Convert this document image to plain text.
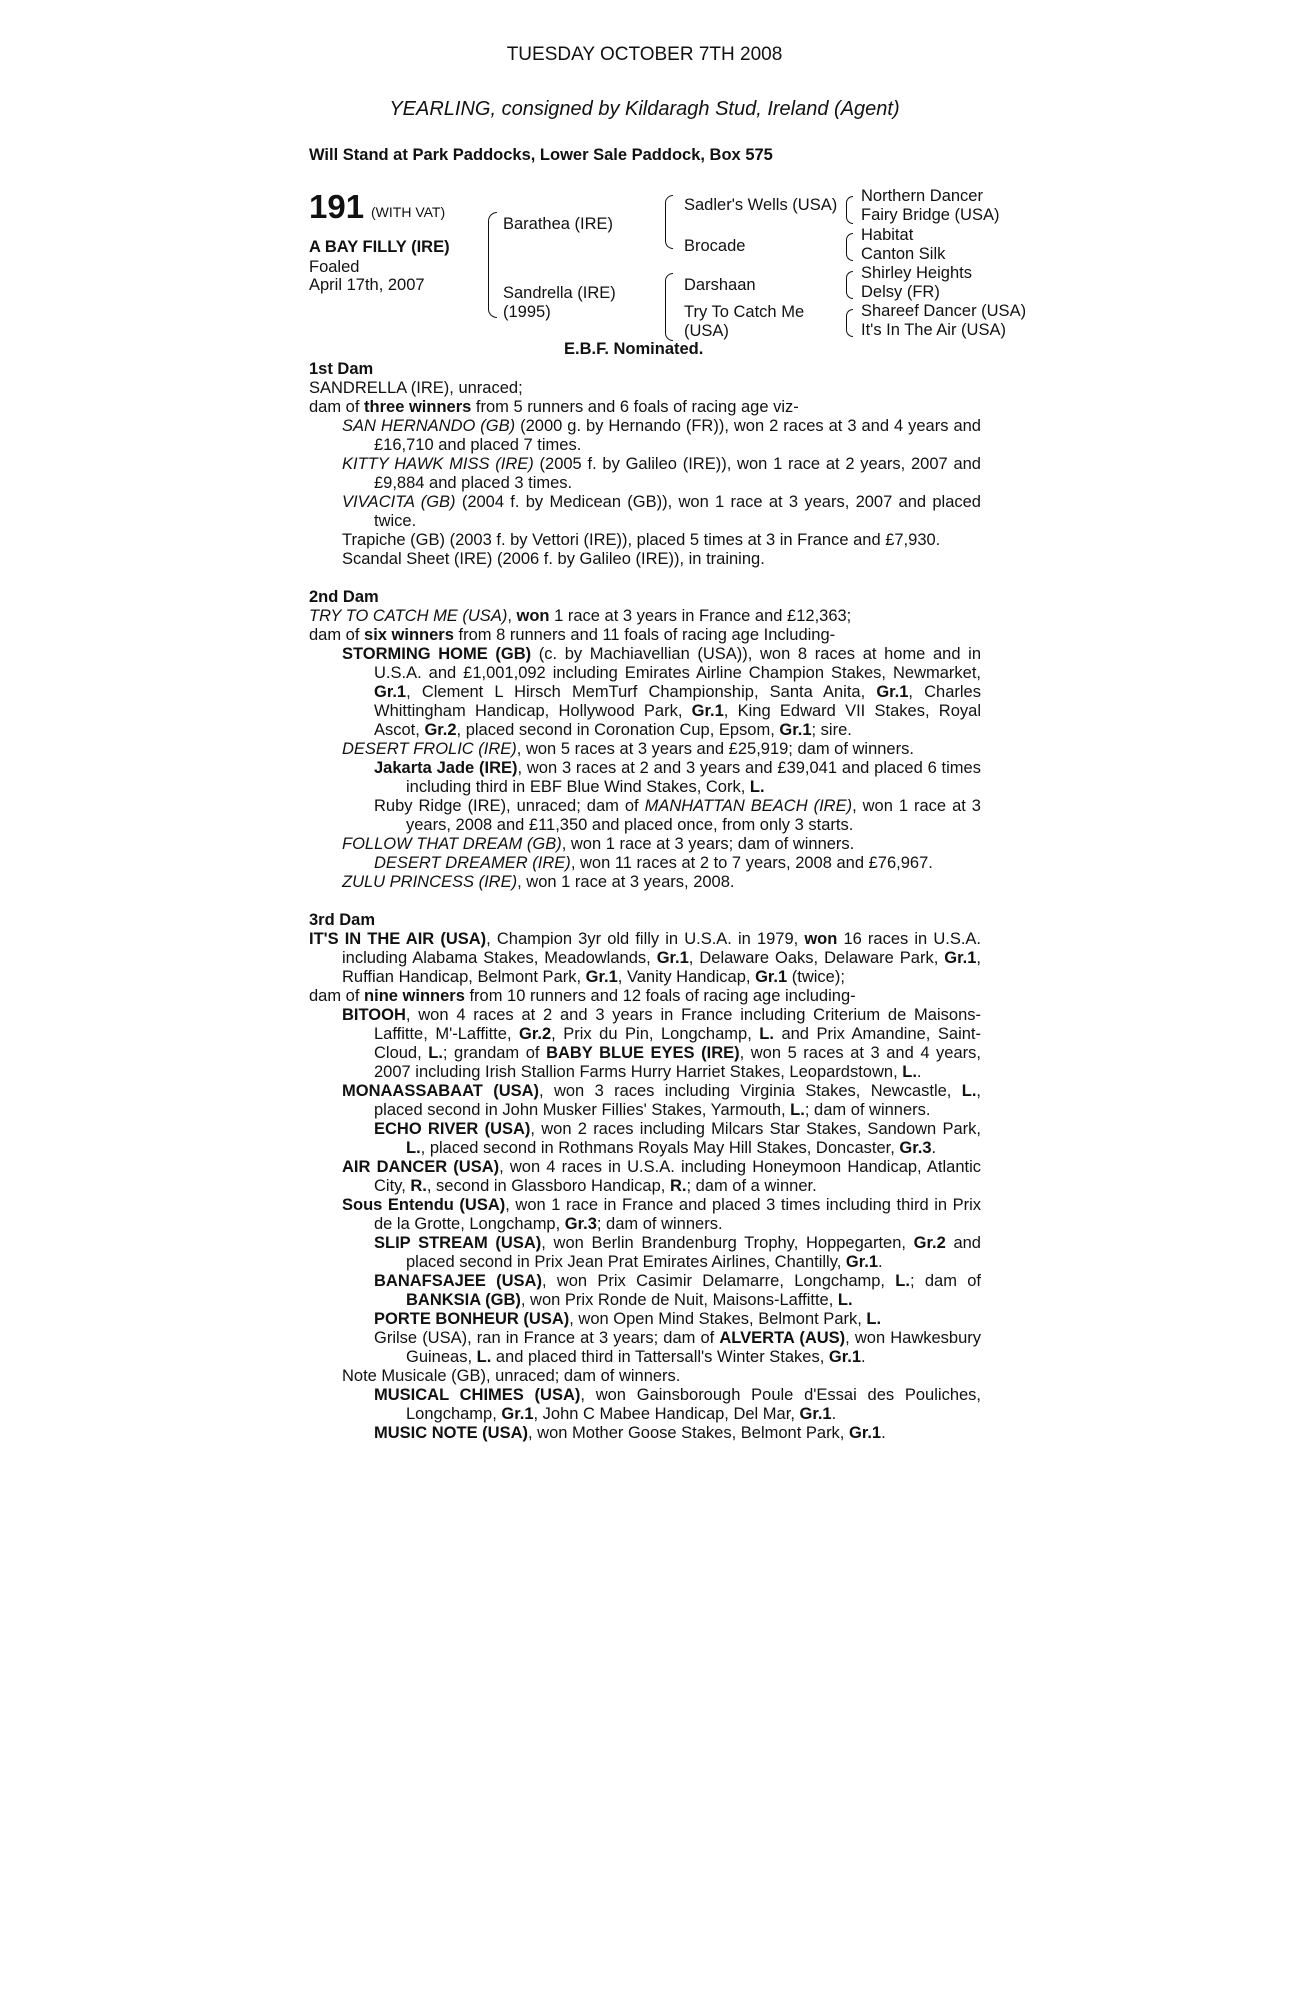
TUESDAY OCTOBER 7TH 2008
YEARLING, consigned by Kildaragh Stud, Ireland (Agent)
Will Stand at Park Paddocks, Lower Sale Paddock, Box 575
191 (WITH VAT)
A BAY FILLY (IRE)
Foaled
April 17th, 2007
Barathea (IRE)
Sandrella (IRE)
(1995)
Sadler's Wells (USA)
Brocade
Darshaan
Try To Catch Me
(USA)
Northern Dancer
Fairy Bridge (USA)
Habitat
Canton Silk
Shirley Heights
Delsy (FR)
Shareef Dancer (USA)
It's In The Air (USA)
E.B.F. Nominated.
1st Dam
SANDRELLA (IRE), unraced;
dam of three winners from 5 runners and 6 foals of racing age viz-
SAN HERNANDO (GB) (2000 g. by Hernando (FR)), won 2 races at 3 and 4 years and £16,710 and placed 7 times.
KITTY HAWK MISS (IRE) (2005 f. by Galileo (IRE)), won 1 race at 2 years, 2007 and £9,884 and placed 3 times.
VIVACITA (GB) (2004 f. by Medicean (GB)), won 1 race at 3 years, 2007 and placed twice.
Trapiche (GB) (2003 f. by Vettori (IRE)), placed 5 times at 3 in France and £7,930.
Scandal Sheet (IRE) (2006 f. by Galileo (IRE)), in training.
2nd Dam
TRY TO CATCH ME (USA), won 1 race at 3 years in France and £12,363;
dam of six winners from 8 runners and 11 foals of racing age Including-
STORMING HOME (GB) (c. by Machiavellian (USA)), won 8 races at home and in U.S.A. and £1,001,092 including Emirates Airline Champion Stakes, Newmarket, Gr.1, Clement L Hirsch MemTurf Championship, Santa Anita, Gr.1, Charles Whittingham Handicap, Hollywood Park, Gr.1, King Edward VII Stakes, Royal Ascot, Gr.2, placed second in Coronation Cup, Epsom, Gr.1; sire.
DESERT FROLIC (IRE), won 5 races at 3 years and £25,919; dam of winners.
Jakarta Jade (IRE), won 3 races at 2 and 3 years and £39,041 and placed 6 times including third in EBF Blue Wind Stakes, Cork, L.
Ruby Ridge (IRE), unraced; dam of MANHATTAN BEACH (IRE), won 1 race at 3 years, 2008 and £11,350 and placed once, from only 3 starts.
FOLLOW THAT DREAM (GB), won 1 race at 3 years; dam of winners.
DESERT DREAMER (IRE), won 11 races at 2 to 7 years, 2008 and £76,967.
ZULU PRINCESS (IRE), won 1 race at 3 years, 2008.
3rd Dam
IT'S IN THE AIR (USA), Champion 3yr old filly in U.S.A. in 1979, won 16 races in U.S.A. including Alabama Stakes, Meadowlands, Gr.1, Delaware Oaks, Delaware Park, Gr.1, Ruffian Handicap, Belmont Park, Gr.1, Vanity Handicap, Gr.1 (twice);
dam of nine winners from 10 runners and 12 foals of racing age including-
BITOOH, won 4 races at 2 and 3 years in France including Criterium de Maisons-Laffitte, M'-Laffitte, Gr.2, Prix du Pin, Longchamp, L. and Prix Amandine, Saint-Cloud, L.; grandam of BABY BLUE EYES (IRE), won 5 races at 3 and 4 years, 2007 including Irish Stallion Farms Hurry Harriet Stakes, Leopardstown, L..
MONAASSABAAT (USA), won 3 races including Virginia Stakes, Newcastle, L., placed second in John Musker Fillies' Stakes, Yarmouth, L.; dam of winners.
ECHO RIVER (USA), won 2 races including Milcars Star Stakes, Sandown Park, L., placed second in Rothmans Royals May Hill Stakes, Doncaster, Gr.3.
AIR DANCER (USA), won 4 races in U.S.A. including Honeymoon Handicap, Atlantic City, R., second in Glassboro Handicap, R.; dam of a winner.
Sous Entendu (USA), won 1 race in France and placed 3 times including third in Prix de la Grotte, Longchamp, Gr.3; dam of winners.
SLIP STREAM (USA), won Berlin Brandenburg Trophy, Hoppegarten, Gr.2 and placed second in Prix Jean Prat Emirates Airlines, Chantilly, Gr.1.
BANAFSAJEE (USA), won Prix Casimir Delamarre, Longchamp, L.; dam of BANKSIA (GB), won Prix Ronde de Nuit, Maisons-Laffitte, L.
PORTE BONHEUR (USA), won Open Mind Stakes, Belmont Park, L.
Grilse (USA), ran in France at 3 years; dam of ALVERTA (AUS), won Hawkesbury Guineas, L. and placed third in Tattersall's Winter Stakes, Gr.1.
Note Musicale (GB), unraced; dam of winners.
MUSICAL CHIMES (USA), won Gainsborough Poule d'Essai des Pouliches, Longchamp, Gr.1, John C Mabee Handicap, Del Mar, Gr.1.
MUSIC NOTE (USA), won Mother Goose Stakes, Belmont Park, Gr.1.
